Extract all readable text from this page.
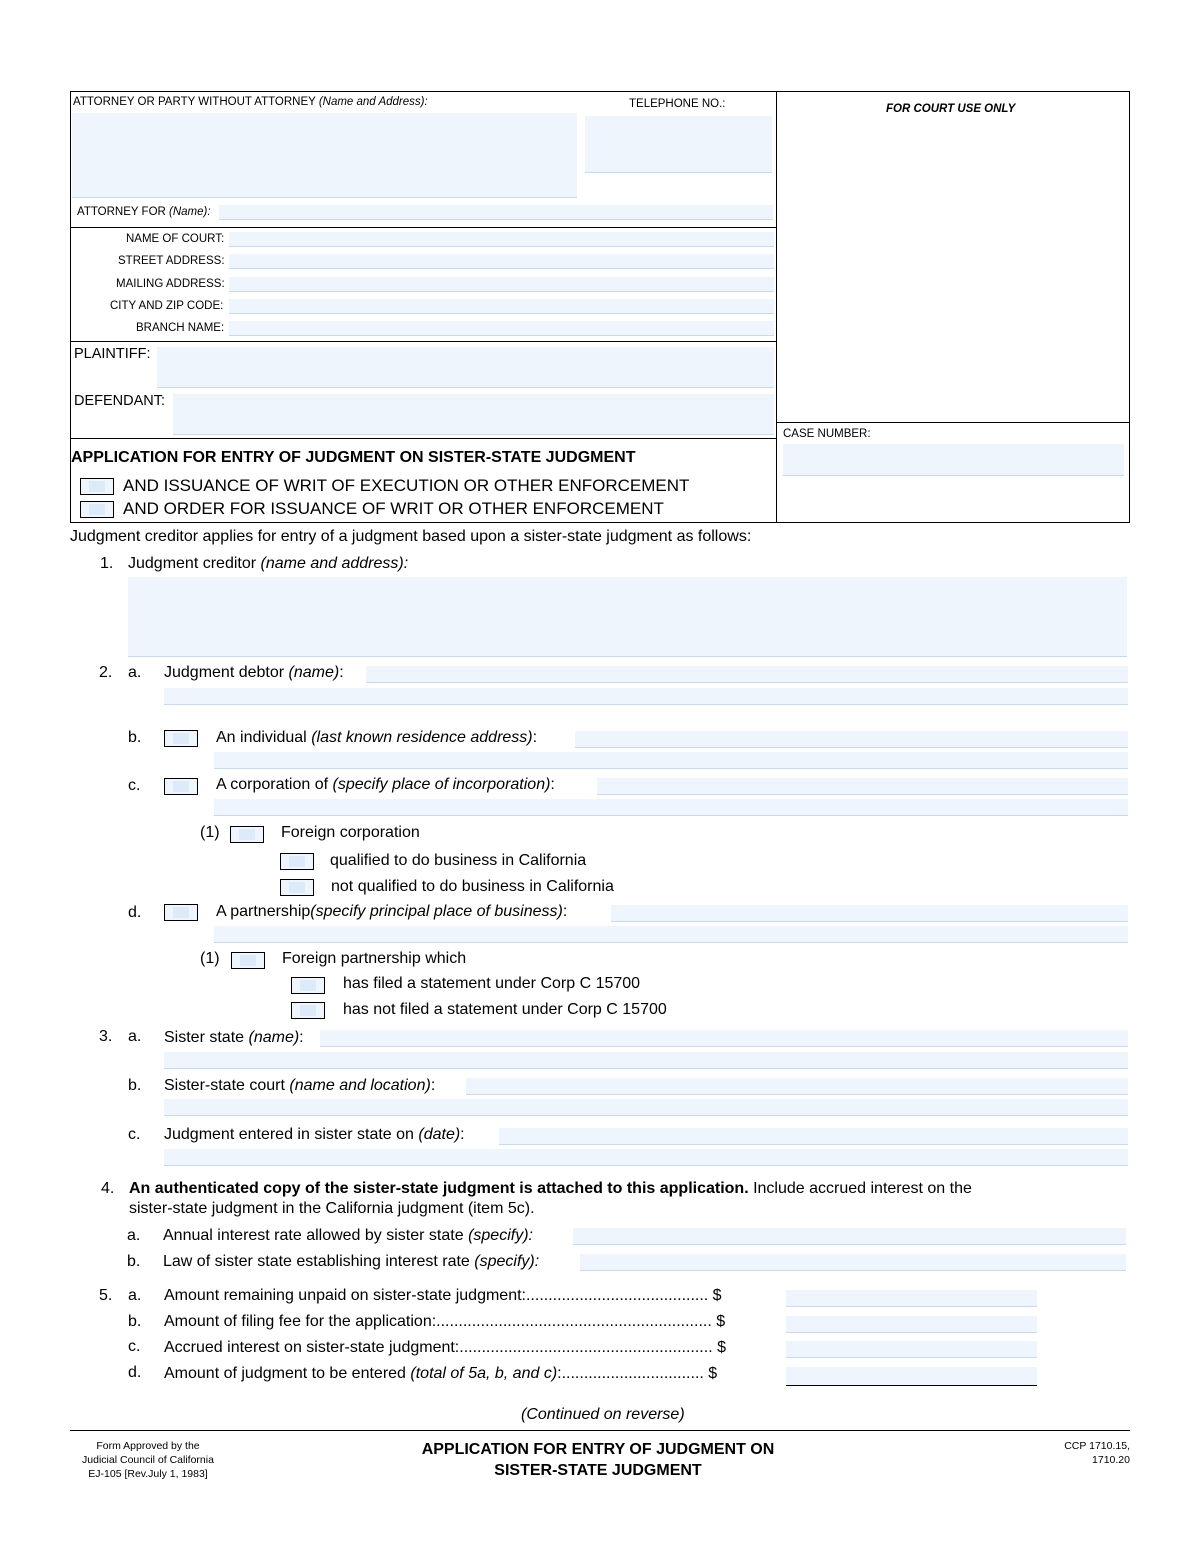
ATTORNEY OR PARTY WITHOUT ATTORNEY (Name and Address):	TELEPHONE NO.:	FOR COURT USE ONLY
ATTORNEY FOR (Name):
NAME OF COURT:
STREET ADDRESS:
MAILING ADDRESS:
CITY AND ZIP CODE:
BRANCH NAME:
PLAINTIFF:
DEFENDANT:
CASE NUMBER:
APPLICATION FOR ENTRY OF JUDGMENT ON SISTER-STATE JUDGMENT
AND ISSUANCE OF WRIT OF EXECUTION OR OTHER ENFORCEMENT
AND ORDER FOR ISSUANCE OF WRIT OR OTHER ENFORCEMENT
Judgment creditor applies for entry of a judgment based upon a sister-state judgment as follows:
1. Judgment creditor (name and address):
2. a. Judgment debtor (name):
b.	An individual (last known residence address):
c.	A corporation of (specify place of incorporation):
(1)	Foreign corporation
qualified to do business in California
not qualified to do business in California
d.	A partnership(specify principal place of business):
(1)	Foreign partnership which
has filed a statement under Corp C 15700
has not filed a statement under Corp C 15700
3. a. Sister state (name):
b. Sister-state court (name and location):
c. Judgment entered in sister state on (date):
4. An authenticated copy of the sister-state judgment is attached to this application. Include accrued interest on the
sister-state judgment in the California judgment (item 5c).
a. Annual interest rate allowed by sister state (specify):
b. Law of sister state establishing interest rate (specify):
5. a. Amount remaining unpaid on sister-state judgment:......................................... $
b. Amount of filing fee for the application:.............................................................. $
c. Accrued interest on sister-state judgment:......................................................... $
d. Amount of judgment to be entered (total of 5a, b, and c):................................ $
(Continued on reverse)
Form Approved by the
Judicial Council of California
EJ-105 [Rev.July 1, 1983]
APPLICATION FOR ENTRY OF JUDGMENT ON
SISTER-STATE JUDGMENT
CCP 1710.15,
1710.20
